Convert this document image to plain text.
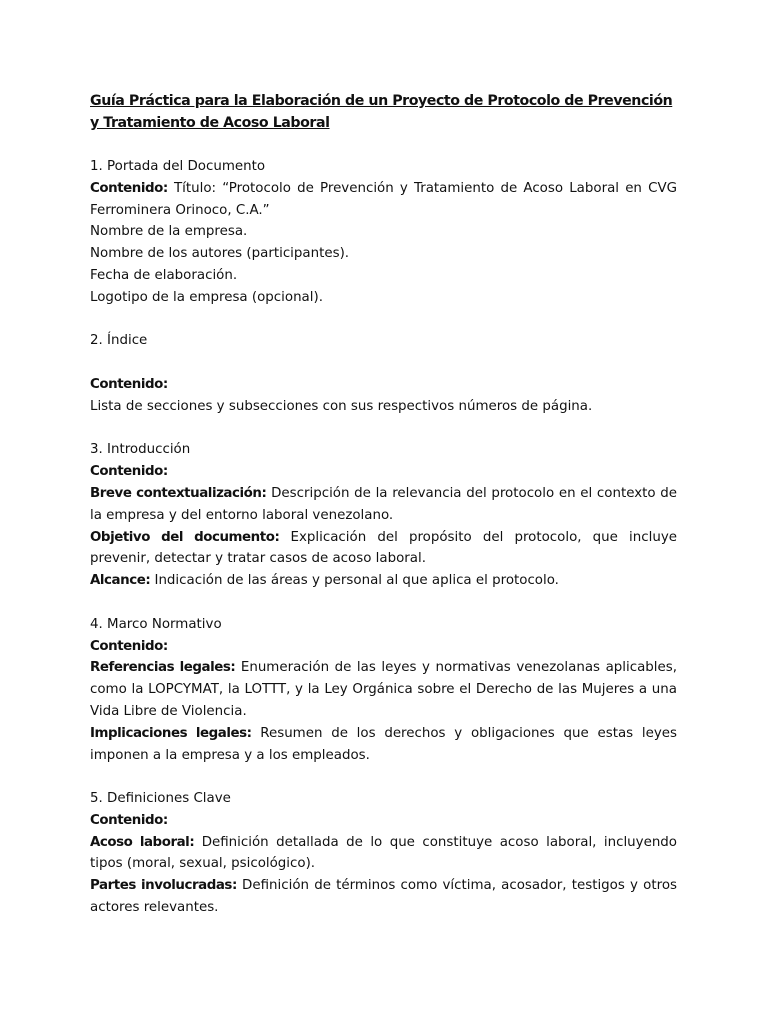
Guía Práctica para la Elaboración de un Proyecto de Protocolo de Prevención y Tratamiento de Acoso Laboral

1. Portada del Documento

Contenido: Título: “Protocolo de Prevención y Tratamiento de Acoso Laboral en CVG Ferrominera Orinoco, C.A.”

Nombre de la empresa.

Nombre de los autores (participantes).

Fecha de elaboración.

Logotipo de la empresa (opcional).

2. Índice

Contenido:

Lista de secciones y subsecciones con sus respectivos números de página.

3. Introducción

Contenido:

Breve contextualización: Descripción de la relevancia del protocolo en el contexto de la empresa y del entorno laboral venezolano.

Objetivo del documento: Explicación del propósito del protocolo, que incluye prevenir, detectar y tratar casos de acoso laboral.

Alcance: Indicación de las áreas y personal al que aplica el protocolo.

4. Marco Normativo

Contenido:

Referencias legales: Enumeración de las leyes y normativas venezolanas aplicables, como la LOPCYMAT, la LOTTT, y la Ley Orgánica sobre el Derecho de las Mujeres a una Vida Libre de Violencia.

Implicaciones legales: Resumen de los derechos y obligaciones que estas leyes imponen a la empresa y a los empleados.

5. Definiciones Clave

Contenido:

Acoso laboral: Definición detallada de lo que constituye acoso laboral, incluyendo tipos (moral, sexual, psicológico).

Partes involucradas: Definición de términos como víctima, acosador, testigos y otros actores relevantes.
